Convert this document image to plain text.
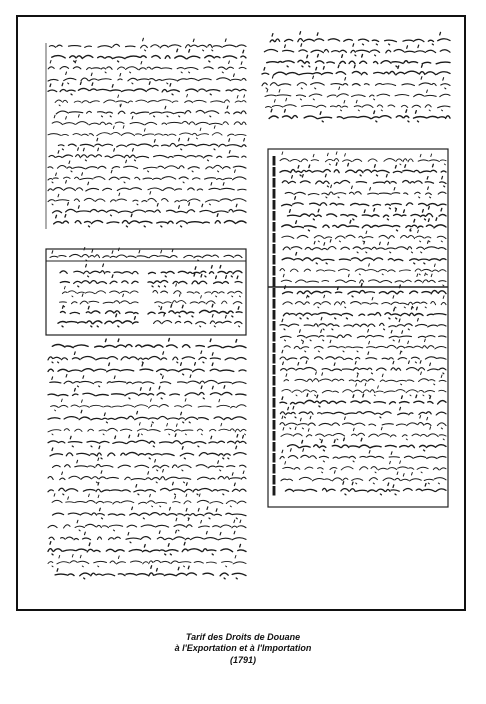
‖
‖
‖
‖
‖
‖
‖
‖
‖
‖
‖
‖
‖
‖
‖
‖
‖
‖
‖
‖
‖
‖
‖
‖
‖
‖
‖
‖
‖
‖
‖
Tarif des Droits de Douane
à l'Exportation et à l'Importation
(1791)
